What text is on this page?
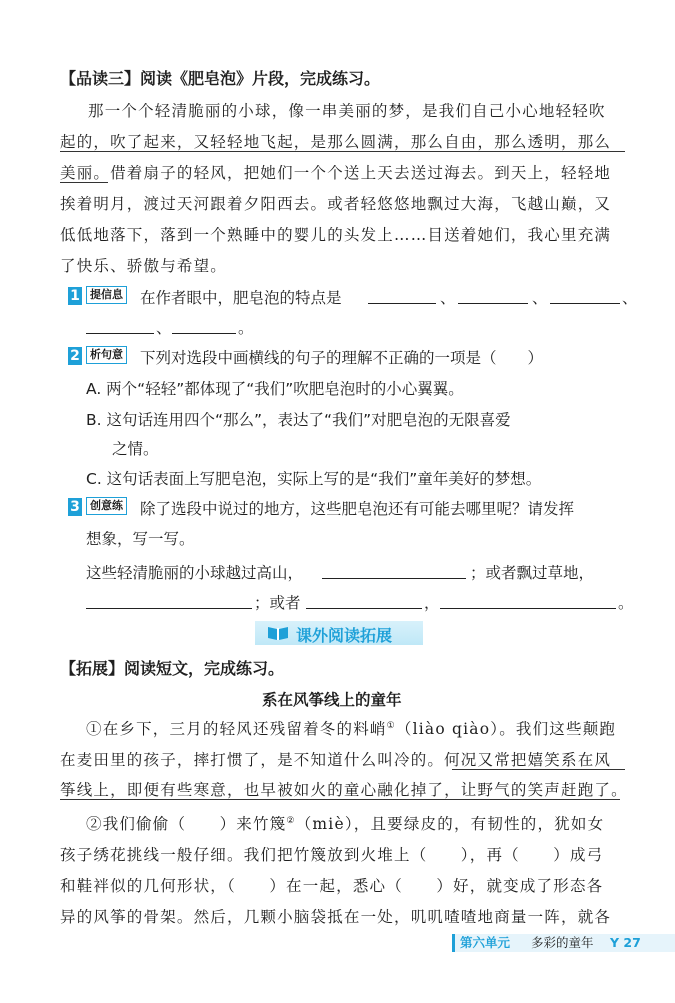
【品读三】阅读《肥皂泡》片段，完成练习。
那一个个轻清脆丽的小球，像一串美丽的梦，是我们自己小心地轻轻吹
起的，吹了起来，又轻轻地飞起，是那么圆满，那么自由，那么透明，那么
美丽。借着扇子的轻风，把她们一个个送上天去送过海去。到天上，轻轻地
挨着明月，渡过天河跟着夕阳西去。或者轻悠悠地飘过大海，飞越山巅，又
低低地落下，落到一个熟睡中的婴儿的头发上……目送着她们，我心里充满
了快乐、骄傲与希望。
1 提信息 在作者眼中，肥皂泡的特点是	、	、	、
、	。
2 析句意 下列对选段中画横线的句子的理解不正确的一项是（　　）
A. 两个“轻轻”都体现了“我们”吹肥皂泡时的小心翼翼。
B. 这句话连用四个“那么”，表达了“我们”对肥皂泡的无限喜爱
之情。
C. 这句话表面上写肥皂泡，实际上写的是“我们”童年美好的梦想。
3 创意练 除了选段中说过的地方，这些肥皂泡还有可能去哪里呢？请发挥
想象，写一写。
这些轻清脆丽的小球越过高山，	；或者飘过草地，
；或者	，	。
课外阅读拓展
【拓展】阅读短文，完成练习。
系在风筝线上的童年
①在乡下，三月的轻风还残留着冬的料峭①（liào qiào）。我们这些颠跑
在麦田里的孩子，摔打惯了，是不知道什么叫冷的。何况又常把嬉笑系在风
筝线上，即便有些寒意，也早被如火的童心融化掉了，让野气的笑声赶跑了。
②我们偷偷（　　）来竹篾②（miè），且要绿皮的，有韧性的，犹如女
孩子绣花挑线一般仔细。我们把竹篾放到火堆上（　　），再（　　）成弓
和鞋袢似的几何形状，（　　）在一起，悉心（　　）好，就变成了形态各
异的风筝的骨架。然后，几颗小脑袋抵在一处，叽叽喳喳地商量一阵，就各
第六单元 多彩的童年 Y 27
